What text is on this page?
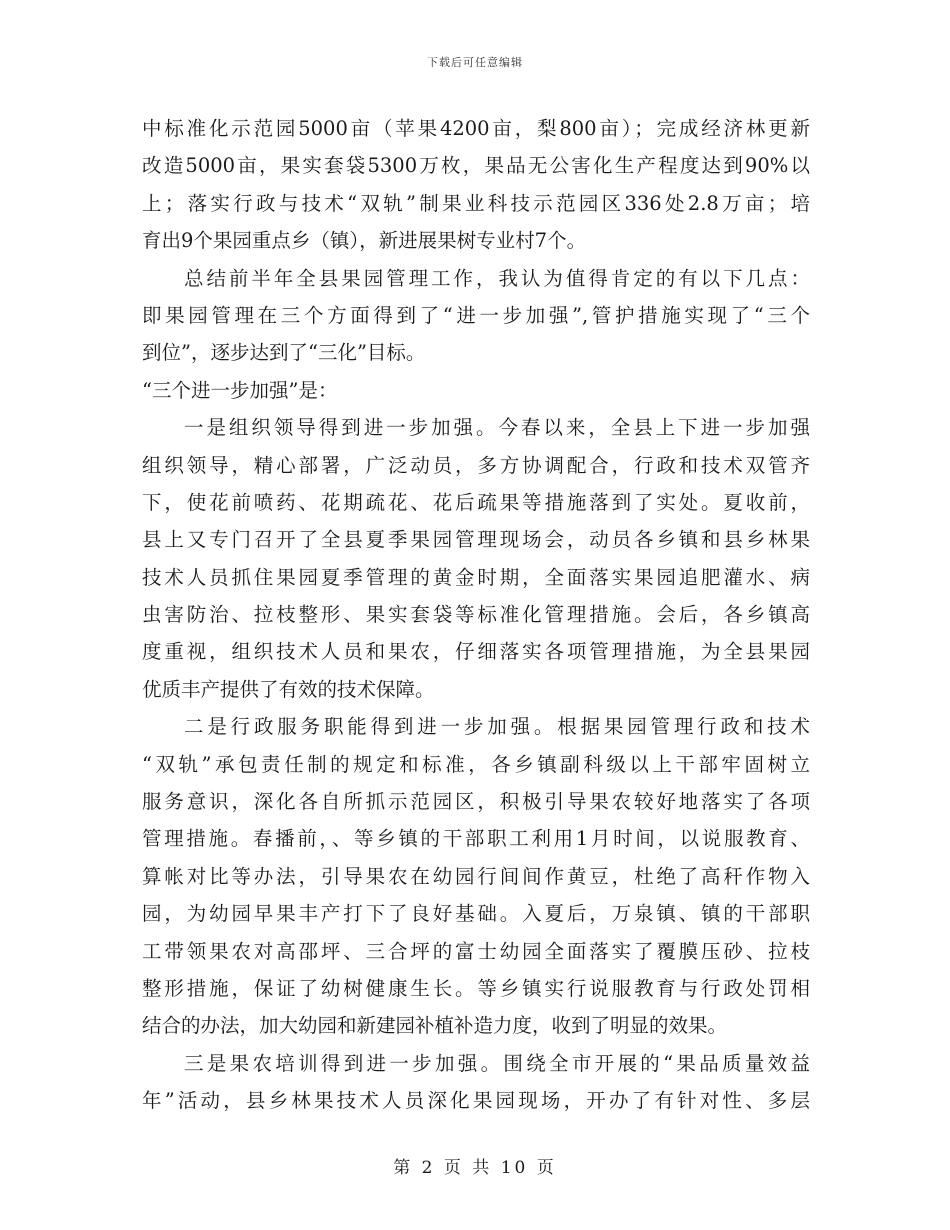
下载后可任意编辑
中标准化示范园5000亩（苹果4200亩，梨800亩）；完成经济林更新
改造5000亩，果实套袋5300万枚，果品无公害化生产程度达到90%以
上；落实行政与技术“双轨”制果业科技示范园区336处2.8万亩；培
育出9个果园重点乡（镇），新进展果树专业村7个。
总结前半年全县果园管理工作，我认为值得肯定的有以下几点：
即果园管理在三个方面得到了“进一步加强”,管护措施实现了“三个
到位”，逐步达到了“三化”目标。
“三个进一步加强”是：
一是组织领导得到进一步加强。今春以来，全县上下进一步加强
组织领导，精心部署，广泛动员，多方协调配合，行政和技术双管齐
下，使花前喷药、花期疏花、花后疏果等措施落到了实处。夏收前，
县上又专门召开了全县夏季果园管理现场会，动员各乡镇和县乡林果
技术人员抓住果园夏季管理的黄金时期，全面落实果园追肥灌水、病
虫害防治、拉枝整形、果实套袋等标准化管理措施。会后，各乡镇高
度重视，组织技术人员和果农，仔细落实各项管理措施，为全县果园
优质丰产提供了有效的技术保障。
二是行政服务职能得到进一步加强。根据果园管理行政和技术
“双轨”承包责任制的规定和标准，各乡镇副科级以上干部牢固树立
服务意识，深化各自所抓示范园区，积极引导果农较好地落实了各项
管理措施。春播前，、等乡镇的干部职工利用1月时间，以说服教育、
算帐对比等办法，引导果农在幼园行间间作黄豆，杜绝了高秆作物入
园，为幼园早果丰产打下了良好基础。入夏后，万泉镇、镇的干部职
工带领果农对高邵坪、三合坪的富士幼园全面落实了覆膜压砂、拉枝
整形措施，保证了幼树健康生长。等乡镇实行说服教育与行政处罚相
结合的办法，加大幼园和新建园补植补造力度，收到了明显的效果。
三是果农培训得到进一步加强。围绕全市开展的“果品质量效益
年”活动，县乡林果技术人员深化果园现场，开办了有针对性、多层
第 2 页 共 10 页
